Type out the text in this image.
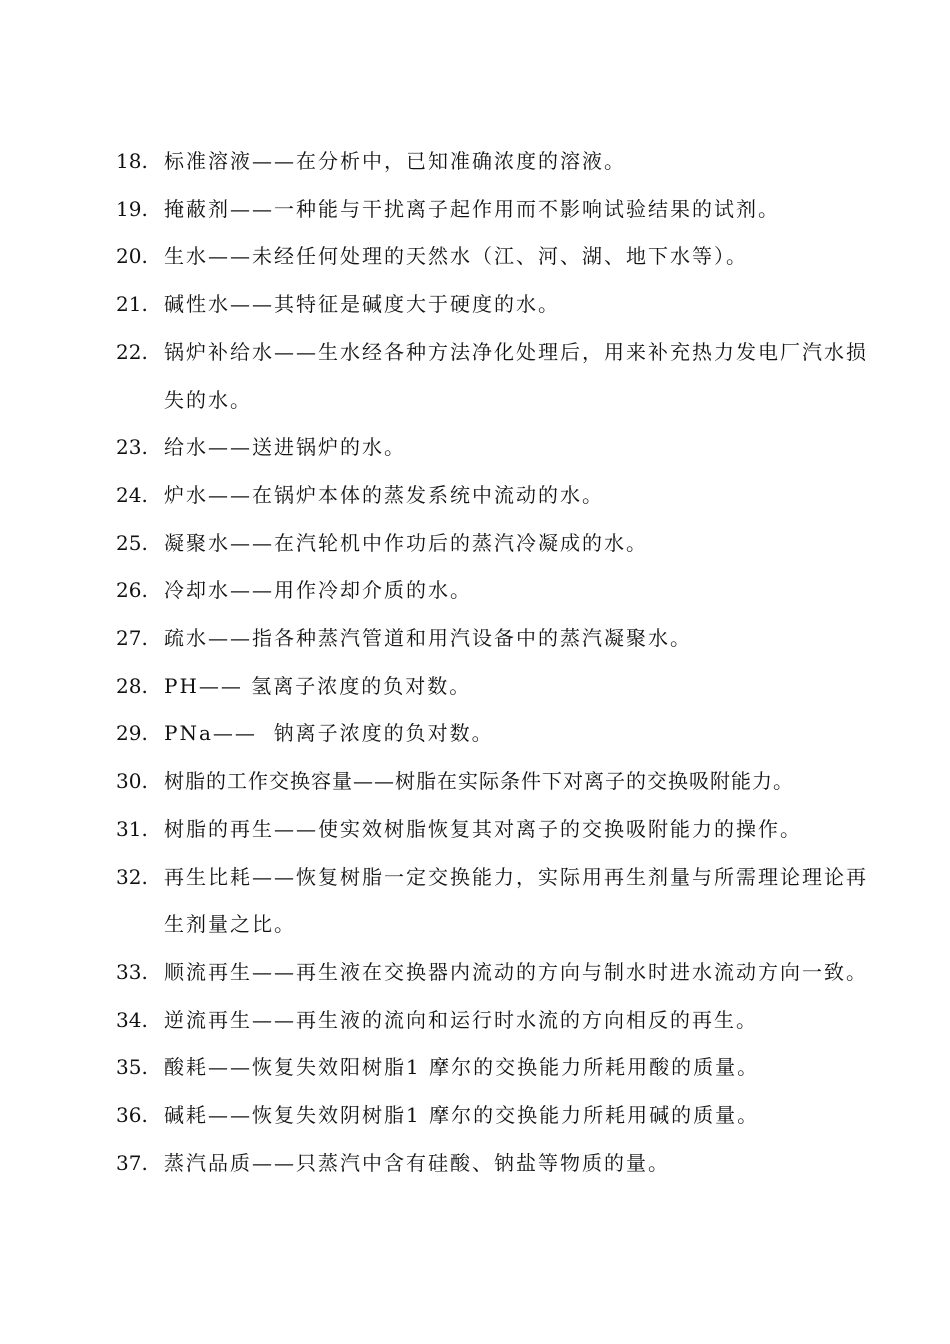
18. 标准溶液——在分析中，已知准确浓度的溶液。
19. 掩蔽剂——一种能与干扰离子起作用而不影响试验结果的试剂。
20. 生水——未经任何处理的天然水（江、河、湖、地下水等）。
21. 碱性水——其特征是碱度大于硬度的水。
22. 锅炉补给水——生水经各种方法净化处理后，用来补充热力发电厂汽水损失的水。
23. 给水——送进锅炉的水。
24. 炉水——在锅炉本体的蒸发系统中流动的水。
25. 凝聚水——在汽轮机中作功后的蒸汽冷凝成的水。
26. 冷却水——用作冷却介质的水。
27. 疏水——指各种蒸汽管道和用汽设备中的蒸汽凝聚水。
28. PH—— 氢离子浓度的负对数。
29. PNa——  钠离子浓度的负对数。
30. 树脂的工作交换容量——树脂在实际条件下对离子的交换吸附能力。
31. 树脂的再生——使实效树脂恢复其对离子的交换吸附能力的操作。
32. 再生比耗——恢复树脂一定交换能力，实际用再生剂量与所需理论理论再生剂量之比。
33. 顺流再生——再生液在交换器内流动的方向与制水时进水流动方向一致。
34. 逆流再生——再生液的流向和运行时水流的方向相反的再生。
35. 酸耗——恢复失效阳树脂1 摩尔的交换能力所耗用酸的质量。
36. 碱耗——恢复失效阴树脂1 摩尔的交换能力所耗用碱的质量。
37. 蒸汽品质——只蒸汽中含有硅酸、钠盐等物质的量。
